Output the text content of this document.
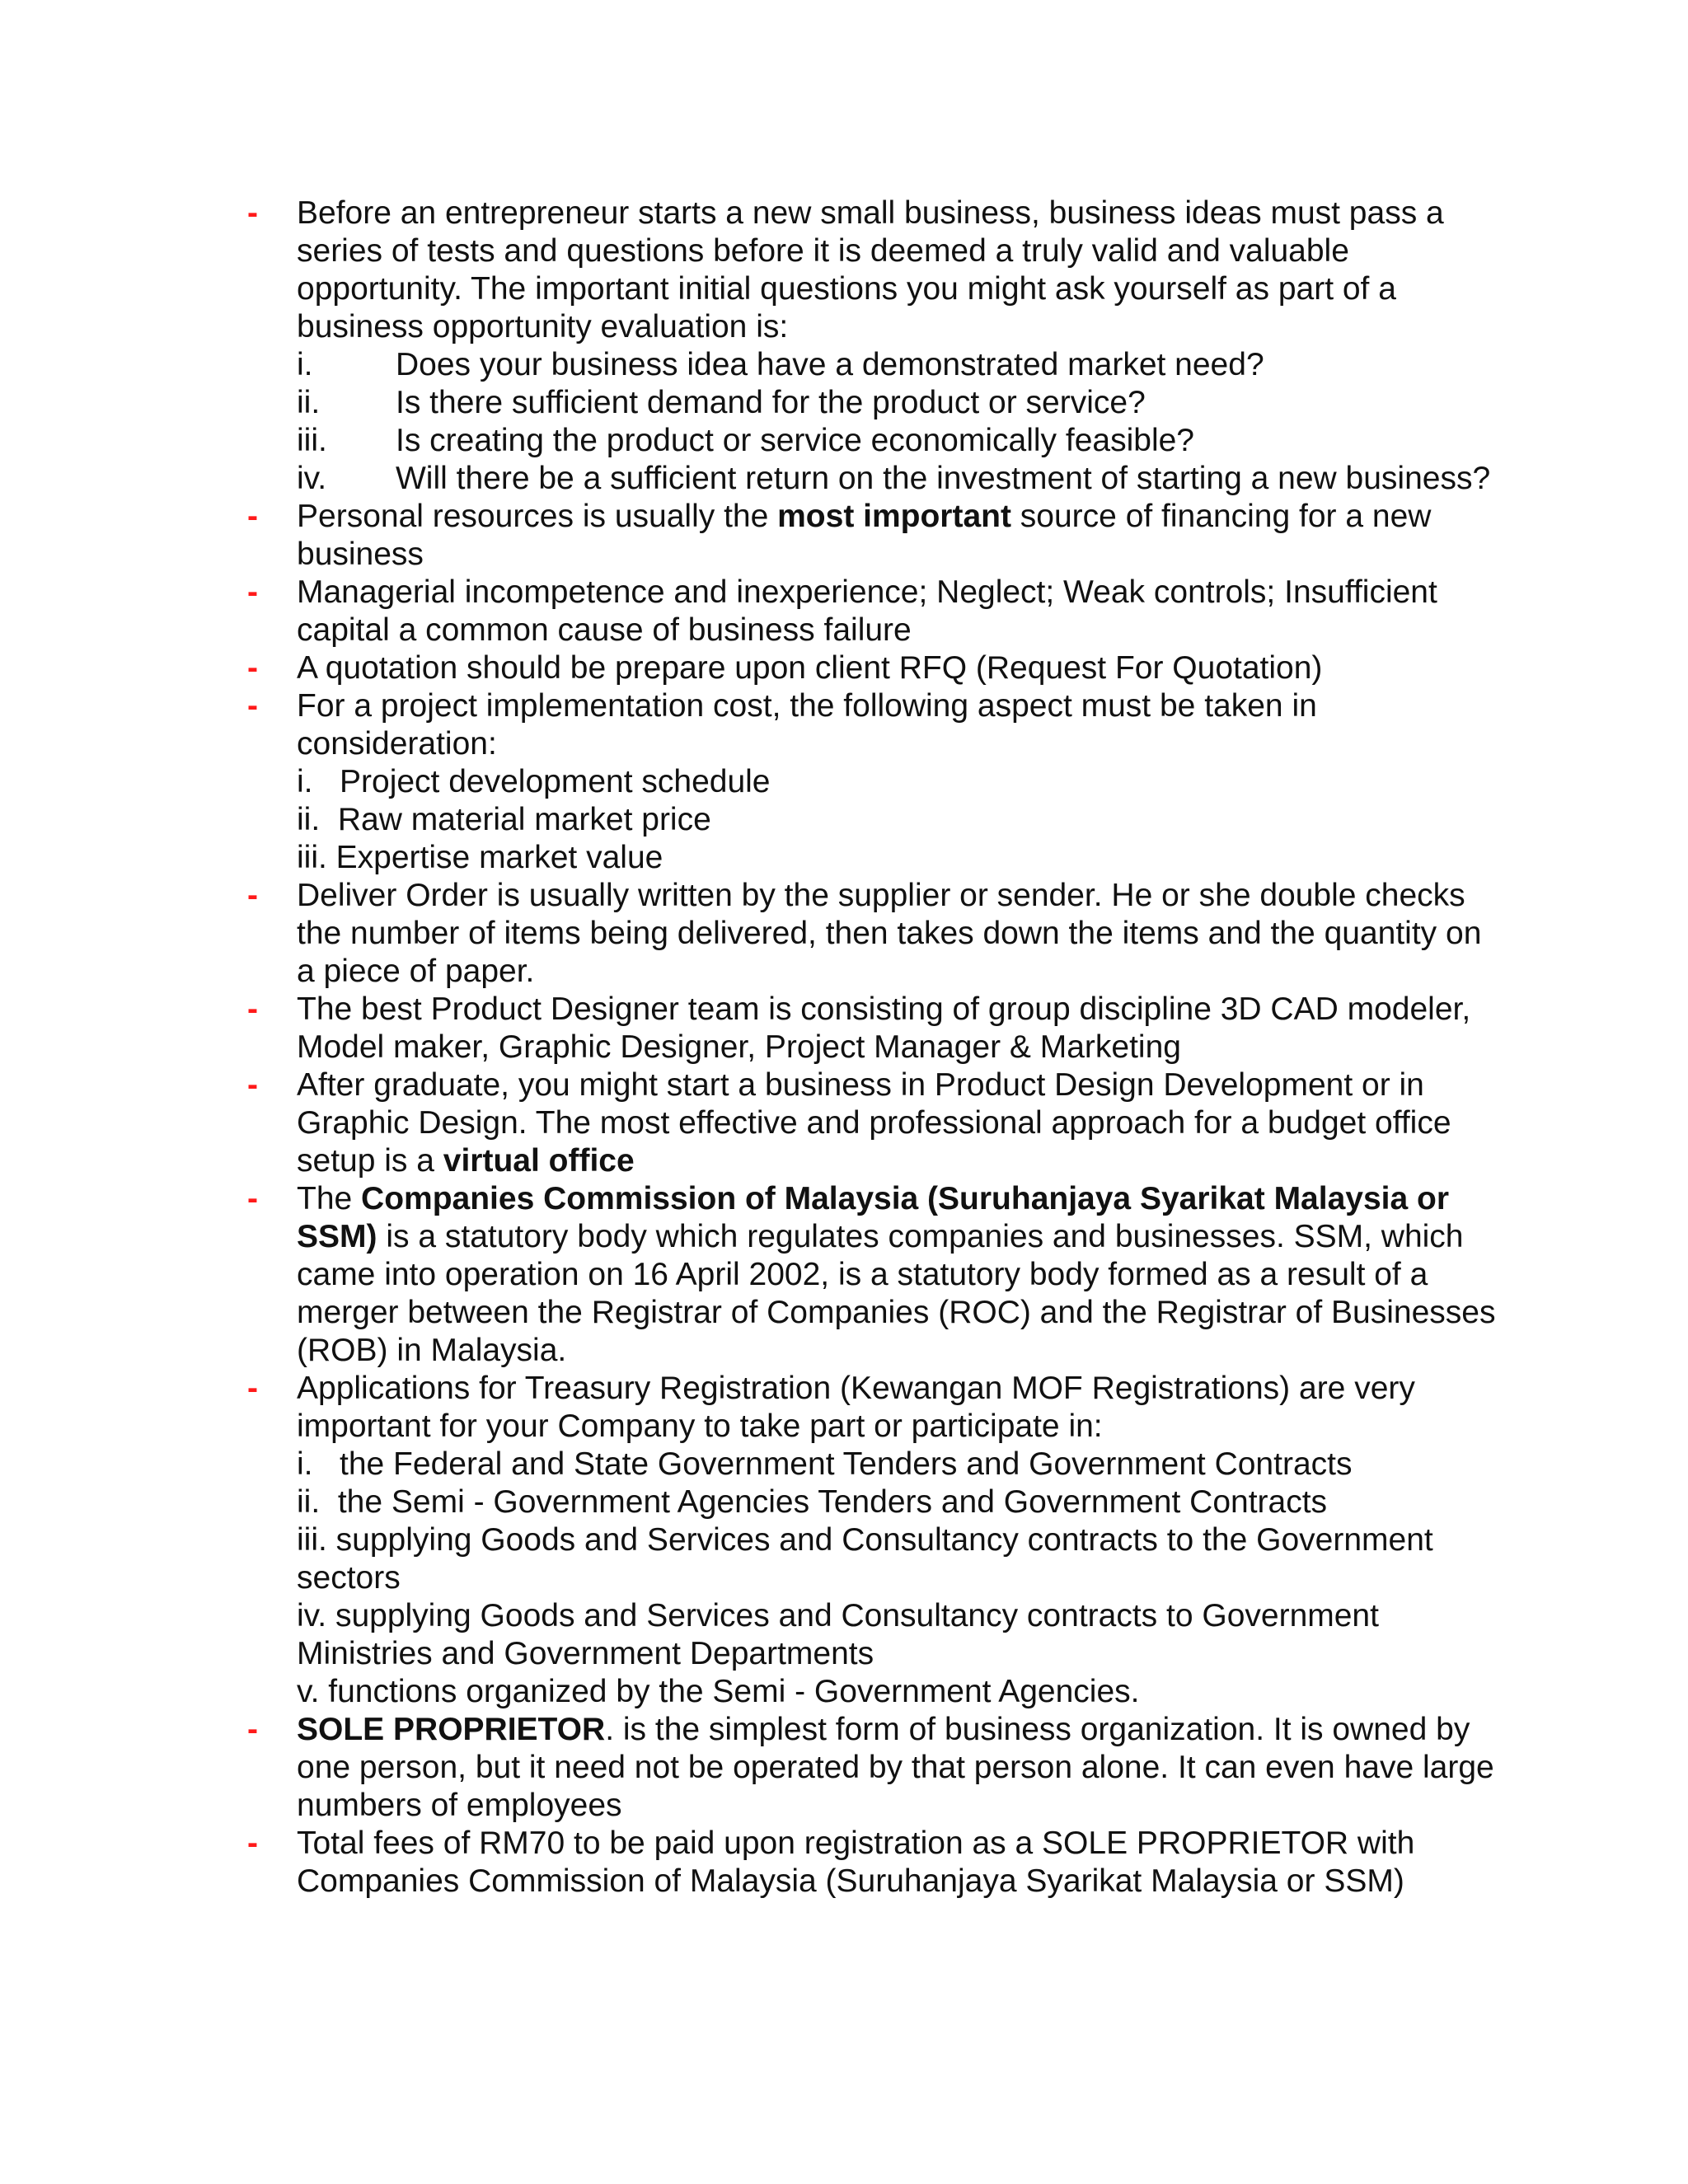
-	Before an entrepreneur starts a new small business, business ideas must pass a series of tests and questions before it is deemed a truly valid and valuable opportunity. The important initial questions you might ask yourself as part of a business opportunity evaluation is:
i.	Does your business idea have a demonstrated market need?
ii.	Is there sufficient demand for the product or service?
iii.	Is creating the product or service economically feasible?
iv.	Will there be a sufficient return on the investment of starting a new business?
-	Personal resources is usually the most important source of financing for a new business
-	Managerial incompetence and inexperience; Neglect; Weak controls; Insufficient capital a common cause of business failure
-	A quotation should be prepare upon client RFQ (Request For Quotation)
-	For a project implementation cost, the following aspect must be taken in consideration:
i.   Project development schedule
ii.  Raw material market price
iii. Expertise market value
-	Deliver Order is usually written by the supplier or sender. He or she double checks the number of items being delivered, then takes down the items and the quantity on a piece of paper.
-	The best Product Designer team is consisting of group discipline 3D CAD modeler, Model maker, Graphic Designer, Project Manager & Marketing
-	After graduate, you might start a business in Product Design Development or in Graphic Design. The most effective and professional approach for a budget office setup is a virtual office
-	The Companies Commission of Malaysia (Suruhanjaya Syarikat Malaysia or SSM) is a statutory body which regulates companies and businesses. SSM, which came into operation on 16 April 2002, is a statutory body formed as a result of a merger between the Registrar of Companies (ROC) and the Registrar of Businesses (ROB) in Malaysia.
-	Applications for Treasury Registration (Kewangan MOF Registrations) are very important for your Company to take part or participate in:
i.   the Federal and State Government Tenders and Government Contracts
ii.  the Semi - Government Agencies Tenders and Government Contracts
iii. supplying Goods and Services and Consultancy contracts to the Government sectors
iv. supplying Goods and Services and Consultancy contracts to Government Ministries and Government Departments
v. functions organized by the Semi - Government Agencies.
-	SOLE PROPRIETOR. is the simplest form of business organization. It is owned by one person, but it need not be operated by that person alone. It can even have large numbers of employees
-	Total fees of RM70 to be paid upon registration as a SOLE PROPRIETOR with Companies Commission of Malaysia (Suruhanjaya Syarikat Malaysia or SSM)
